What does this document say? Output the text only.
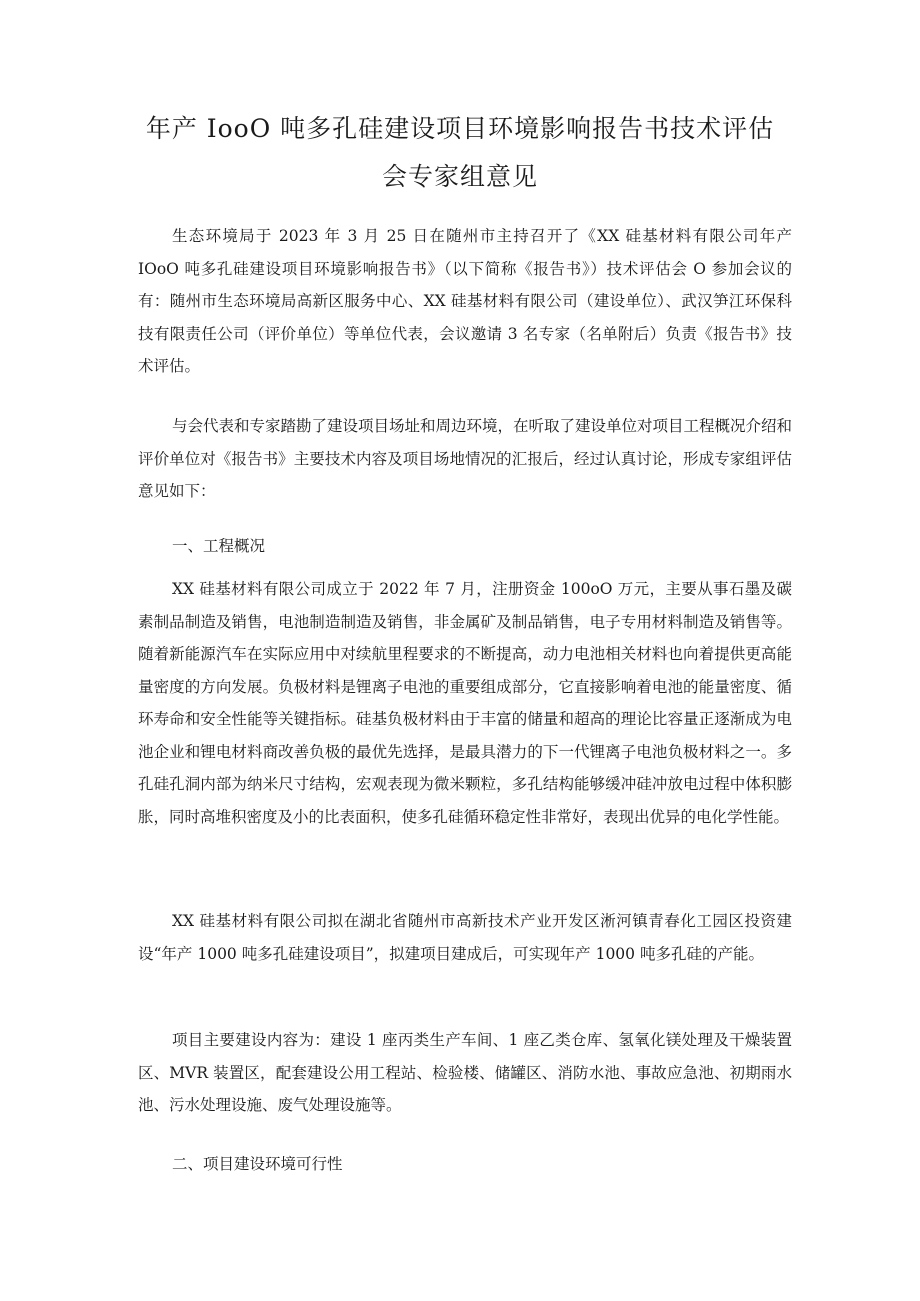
年产 IooO 吨多孔硅建设项目环境影响报告书技术评估
会专家组意见

生态环境局于 2023 年 3 月 25 日在随州市主持召开了《XX 硅基材料有限公司年产 IOoO 吨多孔硅建设项目环境影响报告书》（以下简称《报告书》）技术评估会 O 参加会议的有：随州市生态环境局高新区服务中心、XX 硅基材料有限公司（建设单位）、武汉笋江环保科技有限责任公司（评价单位）等单位代表，会议邀请 3 名专家（名单附后）负责《报告书》技术评估。

与会代表和专家踏勘了建设项目场址和周边环境，在听取了建设单位对项目工程概况介绍和评价单位对《报告书》主要技术内容及项目场地情况的汇报后，经过认真讨论，形成专家组评估意见如下：

一、工程概况

XX 硅基材料有限公司成立于 2022 年 7 月，注册资金 100oO 万元，主要从事石墨及碳素制品制造及销售，电池制造制造及销售，非金属矿及制品销售，电子专用材料制造及销售等。随着新能源汽车在实际应用中对续航里程要求的不断提高，动力电池相关材料也向着提供更高能量密度的方向发展。负极材料是锂离子电池的重要组成部分，它直接影响着电池的能量密度、循环寿命和安全性能等关键指标。硅基负极材料由于丰富的储量和超高的理论比容量正逐渐成为电池企业和锂电材料商改善负极的最优先选择，是最具潜力的下一代锂离子电池负极材料之一。多孔硅孔洞内部为纳米尺寸结构，宏观表现为微米颗粒，多孔结构能够缓冲硅冲放电过程中体积膨胀，同时高堆积密度及小的比表面积，使多孔硅循环稳定性非常好，表现出优异的电化学性能。

XX 硅基材料有限公司拟在湖北省随州市高新技术产业开发区淅河镇青春化工园区投资建设“年产 1000 吨多孔硅建设项目”，拟建项目建成后，可实现年产 1000 吨多孔硅的产能。

项目主要建设内容为：建设 1 座丙类生产车间、1 座乙类仓库、氢氧化镁处理及干燥装置区、MVR 装置区，配套建设公用工程站、检验楼、储罐区、消防水池、事故应急池、初期雨水池、污水处理设施、废气处理设施等。

二、项目建设环境可行性
